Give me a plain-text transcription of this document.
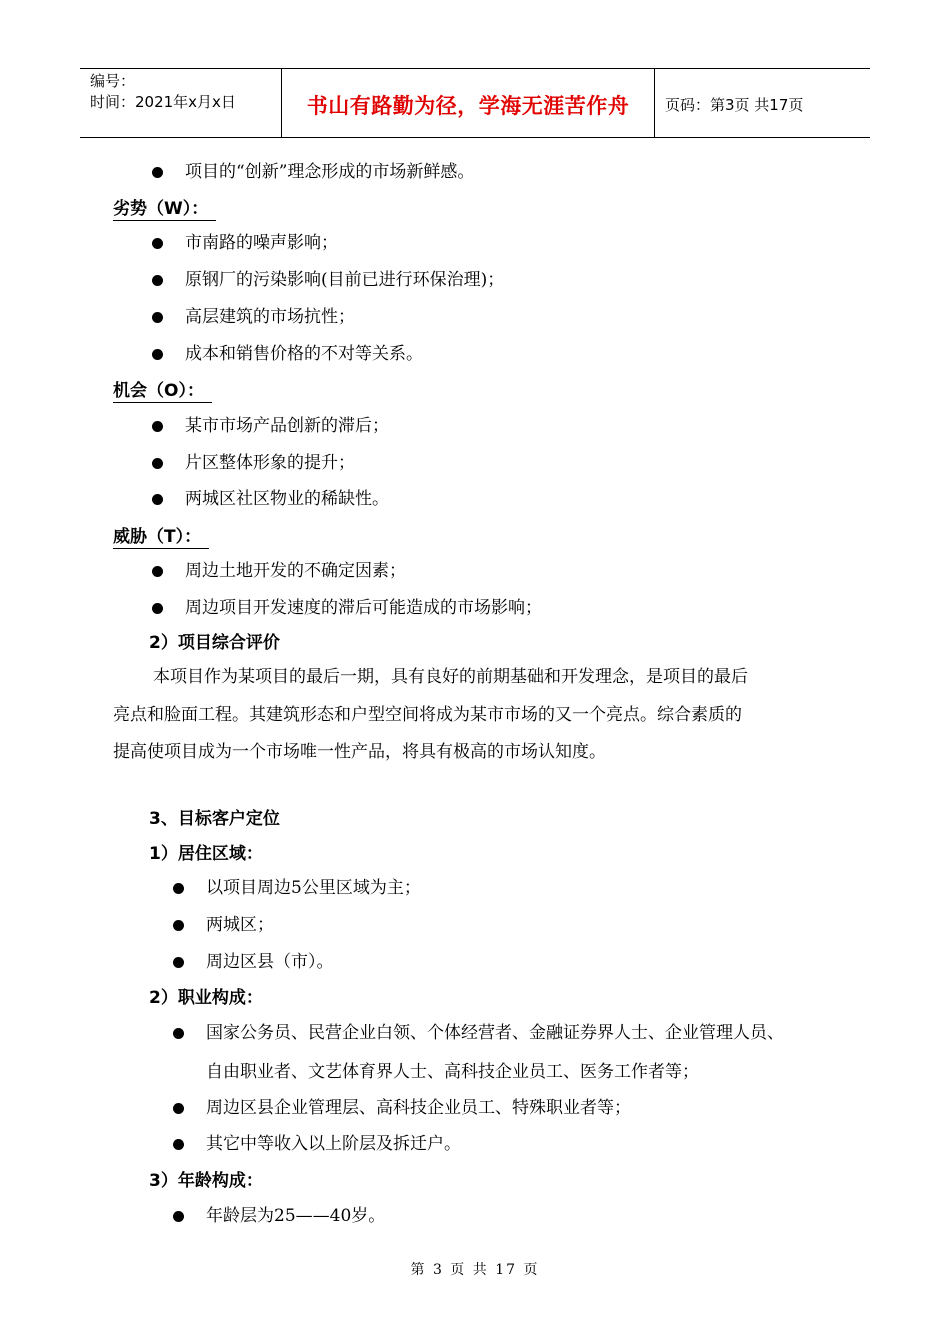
编号：
时间：2021年x月x日	书山有路勤为径，学海无涯苦作舟	页码：第3页 共17页
项目的“创新”理念形成的市场新鲜感。
劣势（W）：
市南路的噪声影响；
原钢厂的污染影响(目前已进行环保治理)；
高层建筑的市场抗性；
成本和销售价格的不对等关系。
机会（O）：
某市市场产品创新的滞后；
片区整体形象的提升；
两城区社区物业的稀缺性。
威胁（T）：
周边土地开发的不确定因素；
周边项目开发速度的滞后可能造成的市场影响；
2）项目综合评价
本项目作为某项目的最后一期，具有良好的前期基础和开发理念，是项目的最后
亮点和脸面工程。其建筑形态和户型空间将成为某市市场的又一个亮点。综合素质的
提高使项目成为一个市场唯一性产品，将具有极高的市场认知度。
3、目标客户定位
1）居住区域：
以项目周边5公里区域为主；
两城区；
周边区县（市）。
2）职业构成：
国家公务员、民营企业白领、个体经营者、金融证券界人士、企业管理人员、
自由职业者、文艺体育界人士、高科技企业员工、医务工作者等；
周边区县企业管理层、高科技企业员工、特殊职业者等；
其它中等收入以上阶层及拆迁户。
3）年龄构成：
年龄层为25——40岁。
第 3 页 共 17 页
